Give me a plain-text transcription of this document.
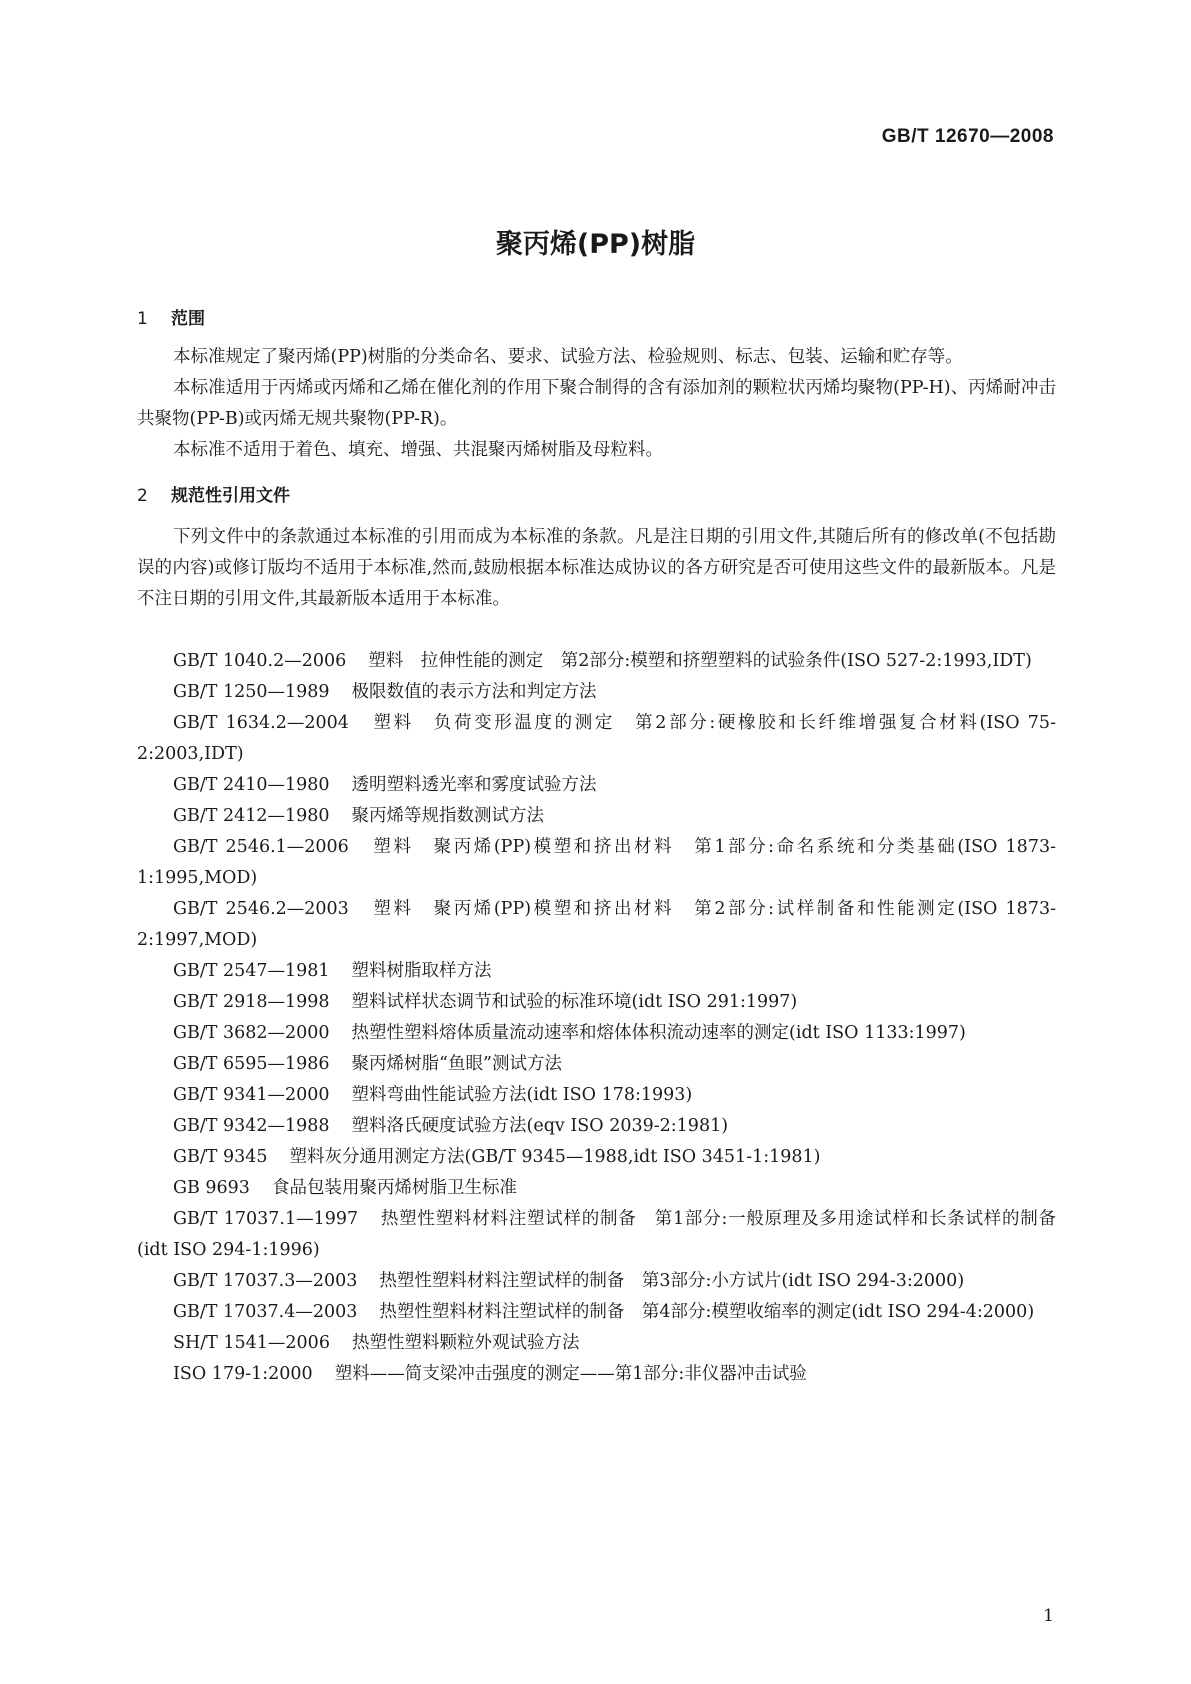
GB/T 12670—2008
聚丙烯(PP)树脂
1 范围

本标准规定了聚丙烯(PP)树脂的分类命名、要求、试验方法、检验规则、标志、包装、运输和贮存等。

本标准适用于丙烯或丙烯和乙烯在催化剂的作用下聚合制得的含有添加剂的颗粒状丙烯均聚物(PP-H)、丙烯耐冲击共聚物(PP-B)或丙烯无规共聚物(PP-R)。

本标准不适用于着色、填充、增强、共混聚丙烯树脂及母粒料。

2 规范性引用文件

下列文件中的条款通过本标准的引用而成为本标准的条款。凡是注日期的引用文件,其随后所有的修改单(不包括勘误的内容)或修订版均不适用于本标准,然而,鼓励根据本标准达成协议的各方研究是否可使用这些文件的最新版本。凡是不注日期的引用文件,其最新版本适用于本标准。

GB/T 1040.2—2006 塑料　拉伸性能的测定　第2部分:模塑和挤塑塑料的试验条件(ISO 527-2:1993,IDT)
GB/T 1250—1989 极限数值的表示方法和判定方法
GB/T 1634.2—2004 塑料　负荷变形温度的测定　第2部分:硬橡胶和长纤维增强复合材料(ISO 75-2:2003,IDT)
GB/T 2410—1980 透明塑料透光率和雾度试验方法
GB/T 2412—1980 聚丙烯等规指数测试方法
GB/T 2546.1—2006 塑料　聚丙烯(PP)模塑和挤出材料　第1部分:命名系统和分类基础(ISO 1873-1:1995,MOD)
GB/T 2546.2—2003 塑料　聚丙烯(PP)模塑和挤出材料　第2部分:试样制备和性能测定(ISO 1873-2:1997,MOD)
GB/T 2547—1981 塑料树脂取样方法
GB/T 2918—1998 塑料试样状态调节和试验的标准环境(idt ISO 291:1997)
GB/T 3682—2000 热塑性塑料熔体质量流动速率和熔体体积流动速率的测定(idt ISO 1133:1997)
GB/T 6595—1986 聚丙烯树脂“鱼眼”测试方法
GB/T 9341—2000 塑料弯曲性能试验方法(idt ISO 178:1993)
GB/T 9342—1988 塑料洛氏硬度试验方法(eqv ISO 2039-2:1981)
GB/T 9345 塑料灰分通用测定方法(GB/T 9345—1988,idt ISO 3451-1:1981)
GB 9693 食品包装用聚丙烯树脂卫生标准
GB/T 17037.1—1997 热塑性塑料材料注塑试样的制备　第1部分:一般原理及多用途试样和长条试样的制备(idt ISO 294-1:1996)
GB/T 17037.3—2003 热塑性塑料材料注塑试样的制备　第3部分:小方试片(idt ISO 294-3:2000)
GB/T 17037.4—2003 热塑性塑料材料注塑试样的制备　第4部分:模塑收缩率的测定(idt ISO 294-4:2000)
SH/T 1541—2006 热塑性塑料颗粒外观试验方法
ISO 179-1:2000 塑料——简支梁冲击强度的测定——第1部分:非仪器冲击试验
1
